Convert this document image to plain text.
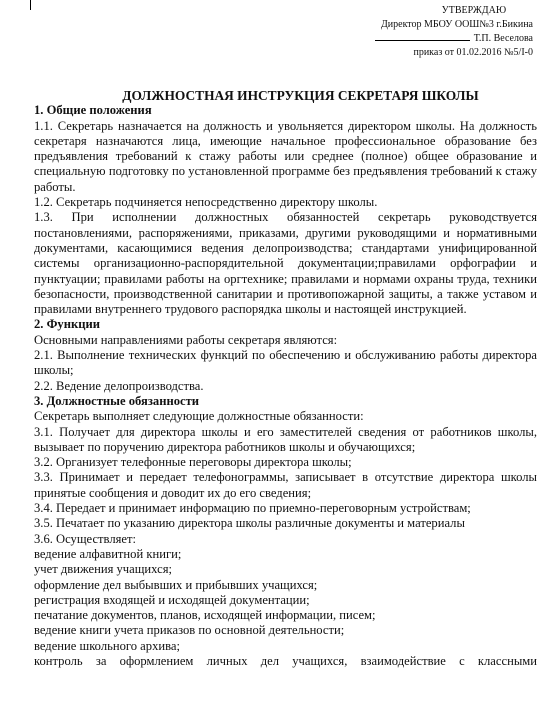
УТВЕРЖДАЮ
Директор МБОУ ООШ№3 г.Бикина
Т.П. Веселова
приказ от 01.02.2016 №5/I-0
ДОЛЖНОСТНАЯ ИНСТРУКЦИЯ СЕКРЕТАРЯ ШКОЛЫ
1. Общие положения
1.1. Секретарь назначается на должность и увольняется директором школы. На должность секретаря назначаются лица, имеющие начальное профессиональное образование без предъявления требований к стажу работы или среднее (полное) общее образование и специальную подготовку по установленной программе без предъявления требований к стажу работы.
1.2. Секретарь подчиняется непосредственно директору школы.
1.3. При исполнении должностных обязанностей секретарь руководствуется постановлениями, распоряжениями, приказами, другими руководящими и нормативными документами, касающимися ведения делопроизводства; стандартами унифицированной системы организационно-распорядительной документации;правилами орфографии и пунктуации; правилами работы на оргтехнике; правилами и нормами охраны труда, техники безопасности, производственной санитарии и противопожарной защиты, а также уставом и правилами внутреннего трудового распорядка школы и настоящей инструкцией.
2. Функции
Основными направлениями работы секретаря являются:
2.1. Выполнение технических функций по обеспечению и обслуживанию работы директора школы;
2.2. Ведение делопроизводства.
3. Должностные обязанности
Секретарь выполняет следующие должностные обязанности:
3.1. Получает для директора школы и его заместителей сведения от работников школы, вызывает по поручению директора работников школы и обучающихся;
3.2. Организует телефонные переговоры директора школы;
3.3. Принимает и передает телефонограммы, записывает в отсутствие директора школы принятые сообщения и доводит их до его сведения;
3.4. Передает и принимает информацию по приемно-переговорным устройствам;
3.5. Печатает по указанию директора школы различные документы и материалы
3.6. Осуществляет:
ведение алфавитной книги;
учет движения учащихся;
оформление дел выбывших и прибывших учащихся;
регистрация входящей и исходящей документации;
печатание документов, планов, исходящей информации, писем;
ведение книги учета приказов по основной деятельности;
ведение школьного архива;
контроль за оформлением личных дел учащихся, взаимодействие с классными
